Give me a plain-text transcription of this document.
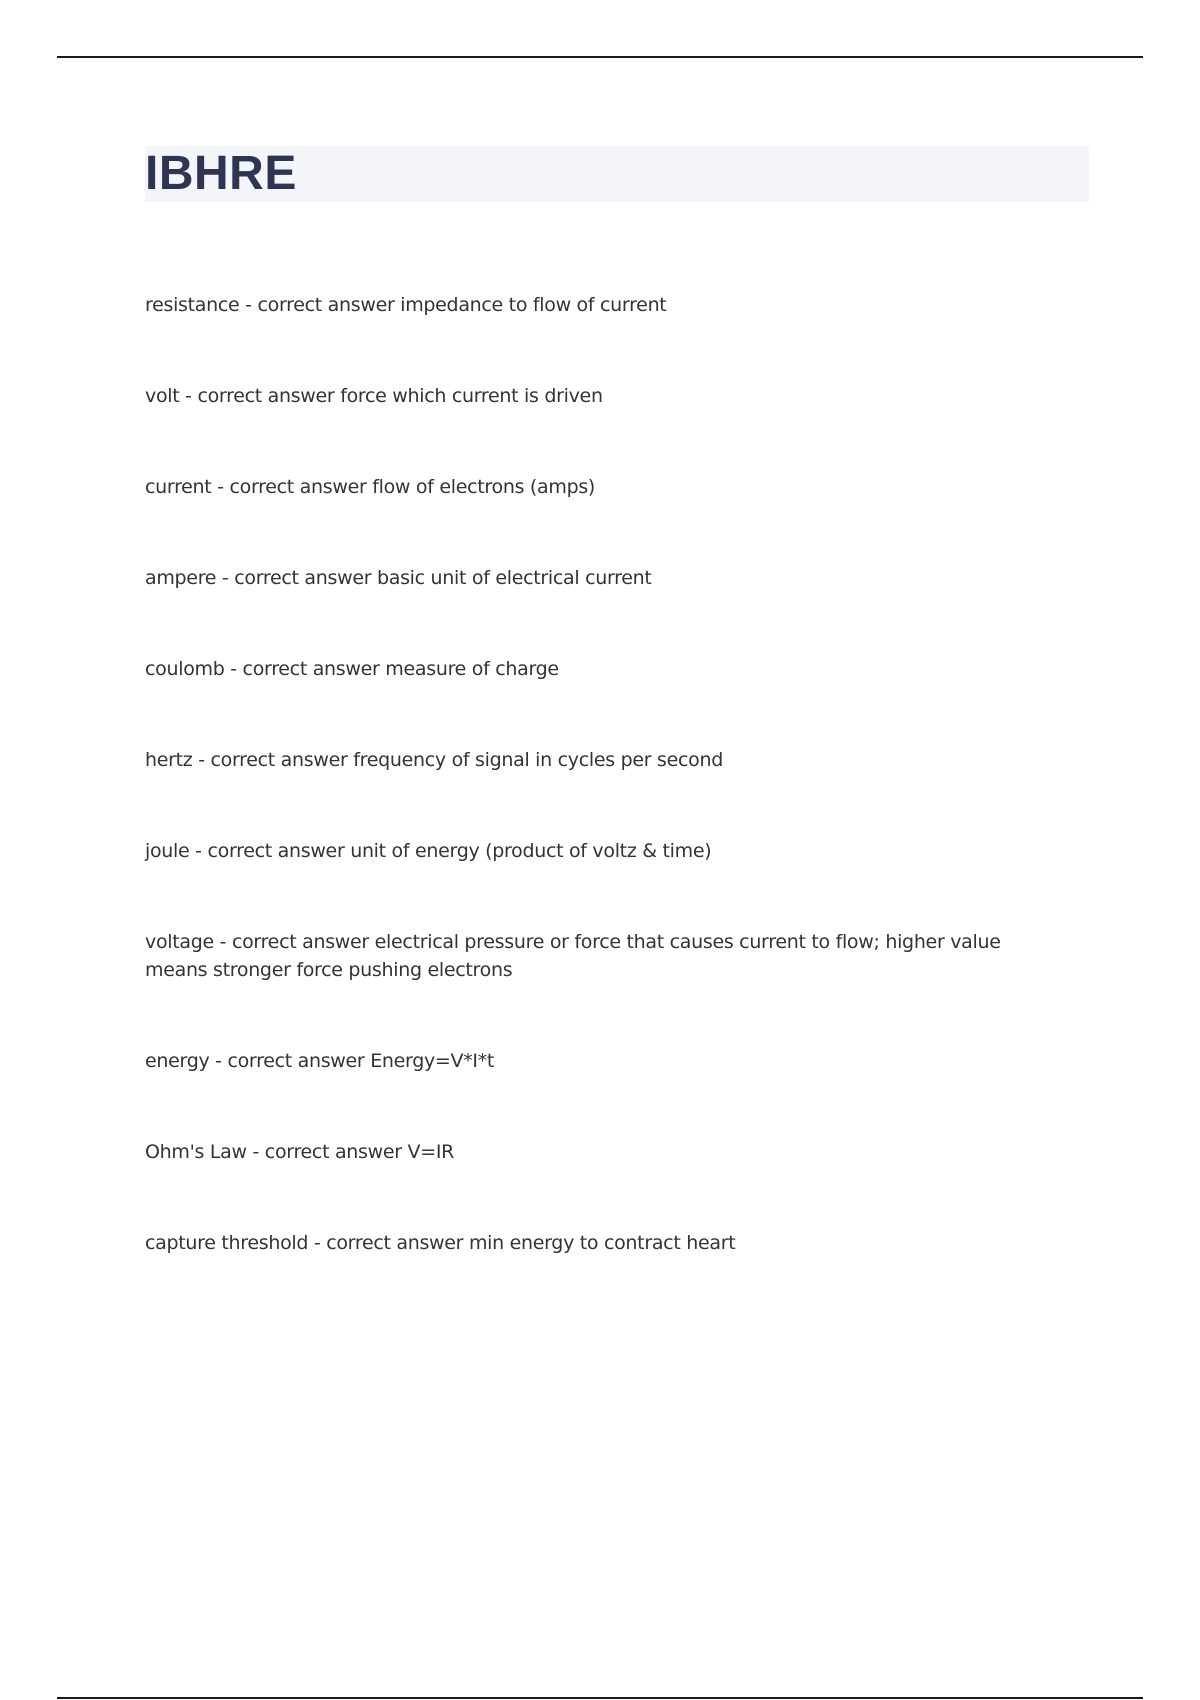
IBHRE
resistance - correct answer impedance to flow of current
volt - correct answer force which current is driven
current - correct answer flow of electrons (amps)
ampere - correct answer basic unit of electrical current
coulomb - correct answer measure of charge
hertz - correct answer frequency of signal in cycles per second
joule - correct answer unit of energy (product of voltz & time)
voltage - correct answer electrical pressure or force that causes current to flow; higher value means stronger force pushing electrons
energy - correct answer Energy=V*I*t
Ohm's Law - correct answer V=IR
capture threshold - correct answer min energy to contract heart
